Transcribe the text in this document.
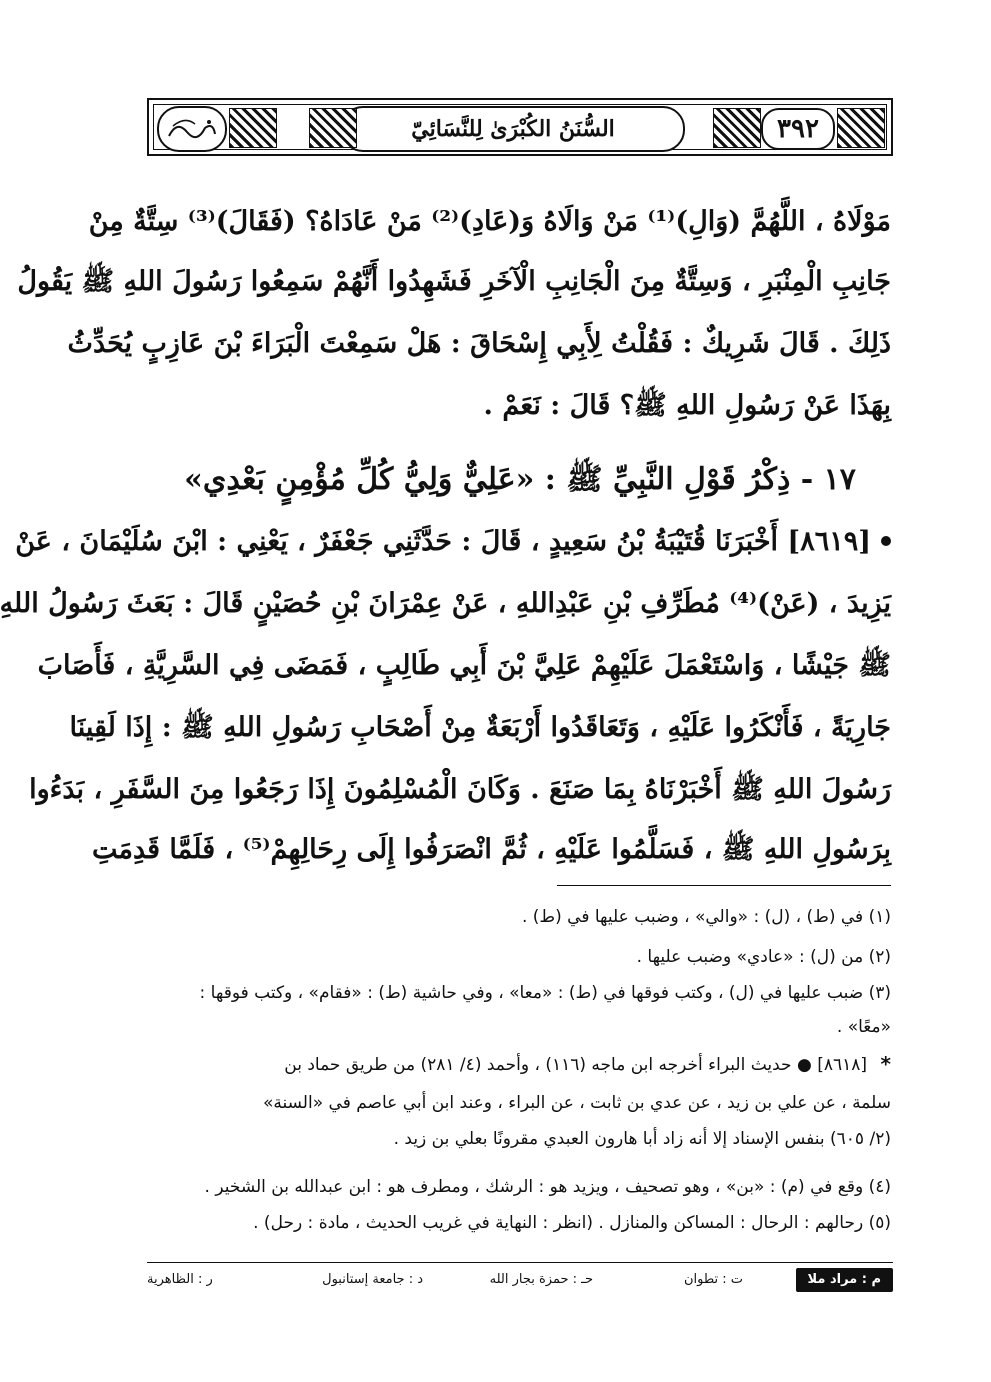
٣٩٢
السُّنَنُ الكُبْرَىٰ لِلنَّسَائِيّ
مَوْلَاهُ ، اللَّهُمَّ (وَالِ)⁽¹⁾ مَنْ وَالَاهُ وَ(عَادِ)⁽²⁾ مَنْ عَادَاهُ؟ (فَقَالَ)⁽³⁾ سِتَّةٌ مِنْ
جَانِبِ الْمِنْبَرِ ، وَسِتَّةٌ مِنَ الْجَانِبِ الْآخَرِ فَشَهِدُوا أَنَّهُمْ سَمِعُوا رَسُولَ اللهِ ﷺ يَقُولُ
ذَلِكَ . قَالَ شَرِيكٌ : فَقُلْتُ لِأَبِي إِسْحَاقَ : هَلْ سَمِعْتَ الْبَرَاءَ بْنَ عَازِبٍ يُحَدِّثُ
بِهَذَا عَنْ رَسُولِ اللهِ ﷺ؟ قَالَ : نَعَمْ .
١٧ - ذِكْرُ قَوْلِ النَّبِيِّ ﷺ : «عَلِيٌّ وَلِيُّ كُلِّ مُؤْمِنٍ بَعْدِي»
[٨٦١٩] أَخْبَرَنَا قُتَيْبَةُ بْنُ سَعِيدٍ ، قَالَ : حَدَّثَنِي جَعْفَرٌ ، يَعْنِي : ابْنَ سُلَيْمَانَ ، عَنْ
يَزِيدَ ، (عَنْ)⁽⁴⁾ مُطَرِّفِ بْنِ عَبْدِاللهِ ، عَنْ عِمْرَانَ بْنِ حُصَيْنٍ قَالَ : بَعَثَ رَسُولُ اللهِ
ﷺ جَيْشًا ، وَاسْتَعْمَلَ عَلَيْهِمْ عَلِيَّ بْنَ أَبِي طَالِبٍ ، فَمَضَى فِي السَّرِيَّةِ ، فَأَصَابَ
جَارِيَةً ، فَأَنْكَرُوا عَلَيْهِ ، وَتَعَاقَدُوا أَرْبَعَةٌ مِنْ أَصْحَابِ رَسُولِ اللهِ ﷺ : إِذَا لَقِينَا
رَسُولَ اللهِ ﷺ أَخْبَرْنَاهُ بِمَا صَنَعَ . وَكَانَ الْمُسْلِمُونَ إِذَا رَجَعُوا مِنَ السَّفَرِ ، بَدَءُوا
بِرَسُولِ اللهِ ﷺ ، فَسَلَّمُوا عَلَيْهِ ، ثُمَّ انْصَرَفُوا إِلَى رِحَالِهِمْ⁽⁵⁾ ، فَلَمَّا قَدِمَتِ
(١) في (ط) ، (ل) : «والي» ، وضبب عليها في (ط) .
(٢) من (ل) : «عادي» وضبب عليها .
(٣) ضبب عليها في (ل) ، وكتب فوقها في (ط) : «معا» ، وفي حاشية (ط) : «فقام» ، وكتب فوقها :
«معًا» .
*
[٨٦١٨] ● حديث البراء أخرجه ابن ماجه (١١٦) ، وأحمد (٤/ ٢٨١) من طريق حماد بن
سلمة ، عن علي بن زيد ، عن عدي بن ثابت ، عن البراء ، وعند ابن أبي عاصم في «السنة»
(٢/ ٦٠٥) بنفس الإسناد إلا أنه زاد أبا هارون العبدي مقرونًا بعلي بن زيد .
(٤) وقع في (م) : «بن» ، وهو تصحيف ، ويزيد هو : الرشك ، ومطرف هو : ابن عبدالله بن الشخير .
(٥) رحالهم : الرحال : المساكن والمنازل . (انظر : النهاية في غريب الحديث ، مادة : رحل) .
م : مراد ملا
ت : تطوان
حـ : حمزة بجار الله
د : جامعة إستانبول
ر : الظاهرية
